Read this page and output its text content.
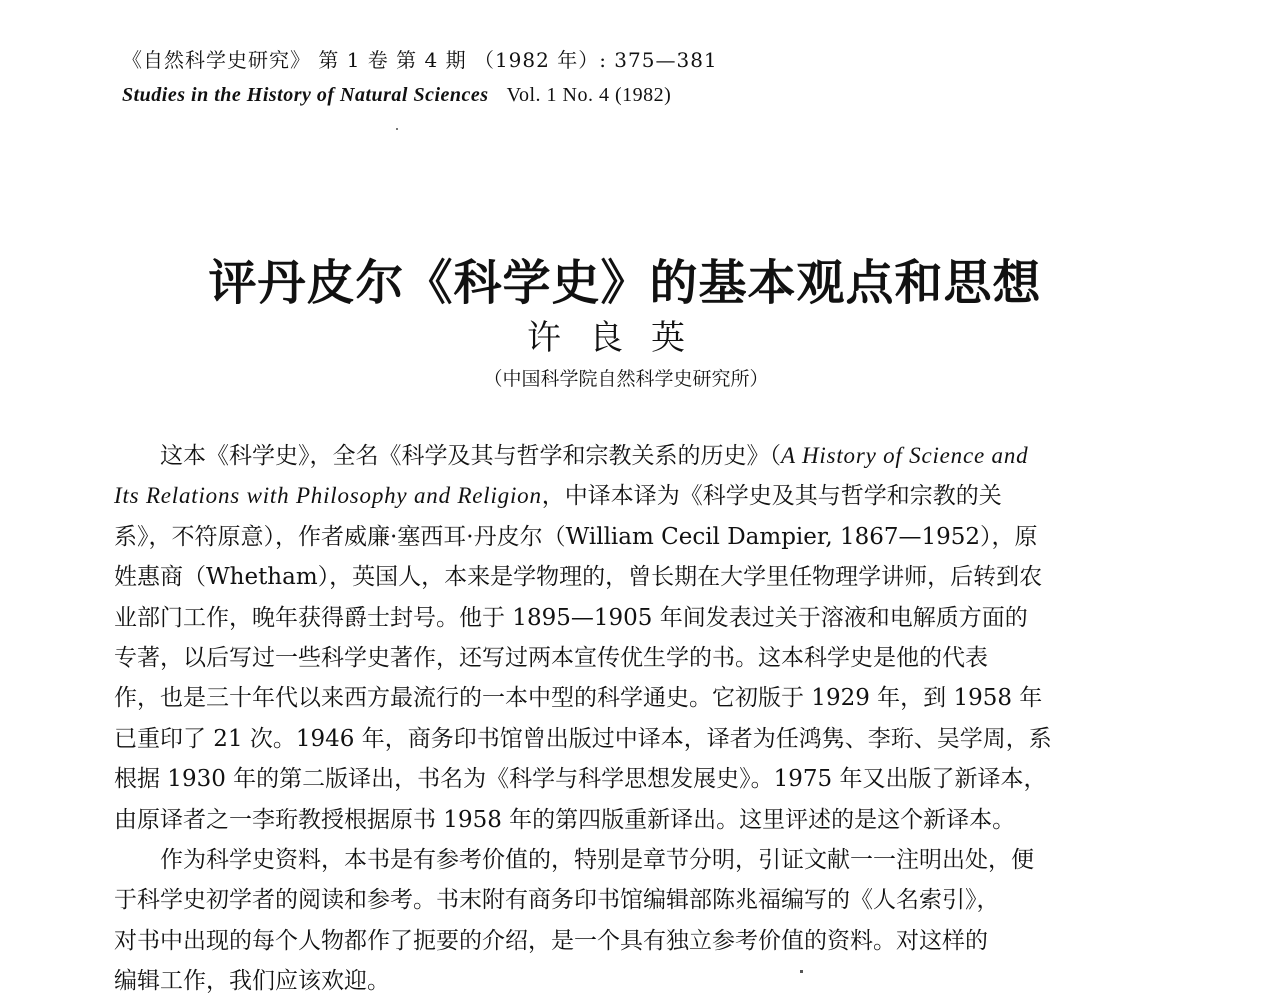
《自然科学史研究》 第 1 卷 第 4 期 （1982 年）: 375—381
Studies in the History of Natural Sciences Vol. 1 No. 4 (1982)
评丹皮尔《科学史》的基本观点和思想
许良英
（中国科学院自然科学史研究所）

这本《科学史》，全名《科学及其与哲学和宗教关系的历史》（A History of Science and

Its Relations with Philosophy and Religion，中译本译为《科学史及其与哲学和宗教的关
系》，不符原意），作者威廉·塞西耳·丹皮尔（William Cecil Dampier, 1867—1952），原
姓惠商（Whetham），英国人，本来是学物理的，曾长期在大学里任物理学讲师，后转到农
业部门工作，晚年获得爵士封号。他于 1895—1905 年间发表过关于溶液和电解质方面的
专著，以后写过一些科学史著作，还写过两本宣传优生学的书。这本科学史是他的代表
作，也是三十年代以来西方最流行的一本中型的科学通史。它初版于 1929 年，到 1958 年
已重印了 21 次。1946 年，商务印书馆曾出版过中译本，译者为任鸿隽、李珩、吴学周，系
根据 1930 年的第二版译出，书名为《科学与科学思想发展史》。1975 年又出版了新译本，
由原译者之一李珩教授根据原书 1958 年的第四版重新译出。这里评述的是这个新译本。

作为科学史资料，本书是有参考价值的，特别是章节分明，引证文献一一注明出处，便

于科学史初学者的阅读和参考。书末附有商务印书馆编辑部陈兆福编写的《人名索引》，
对书中出现的每个人物都作了扼要的介绍，是一个具有独立参考价值的资料。对这样的
编辑工作，我们应该欢迎。
